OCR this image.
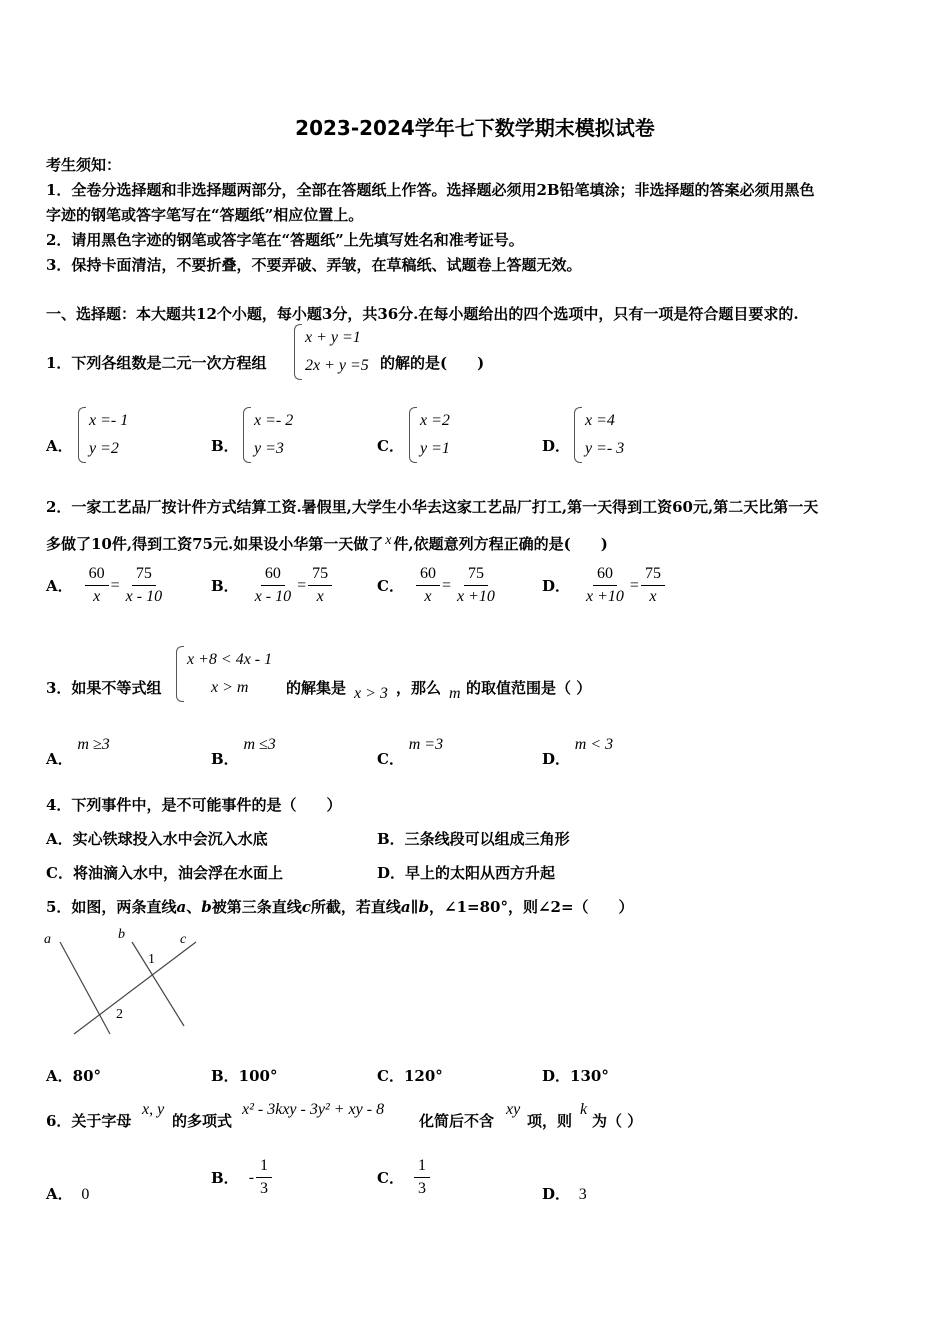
2023-2024学年七下数学期末模拟试卷
考生须知：
1．全卷分选择题和非选择题两部分，全部在答题纸上作答。选择题必须用2B铅笔填涂；非选择题的答案必须用黑色
字迹的钢笔或答字笔写在“答题纸”相应位置上。
2．请用黑色字迹的钢笔或答字笔在“答题纸”上先填写姓名和准考证号。
3．保持卡面清洁，不要折叠，不要弄破、弄皱，在草稿纸、试题卷上答题无效。
一、选择题：本大题共12个小题，每小题3分，共36分.在每小题给出的四个选项中，只有一项是符合题目要求的.
1．下列各组数是二元一次方程组
x + y =1
2x + y =5 的解的是(　　)
A．
x =- 1
y =2	B．
x =- 2
y =3	C．
x =2
y =1	D．
x =4
y =- 3
2．一家工艺品厂按计件方式结算工资.暑假里,大学生小华去这家工艺品厂打工,第一天得到工资60元,第二天比第一天
多做了10件,得到工资75元.如果设小华第一天做了 x 件,依题意列方程正确的是(　　)
A． $\frac{60}{x} = \frac{75}{x - 10}$	B． $\frac{60}{x - 10} = \frac{75}{x}$	C． $\frac{60}{x} = \frac{75}{x +10}$	D． $\frac{60}{x +10} = \frac{75}{x}$
3．如果不等式组
x +8 < 4x - 1
x > m	的解集是 x > 3 ，那么 m 的取值范围是（ ）
A． m ≥3
B． m ≤3
C． m =3
D． m < 3
4．下列事件中，是不可能事件的是（　　）
A．实心铁球投入水中会沉入水底	B．三条线段可以组成三角形
C．将油滴入水中，油会浮在水面上	D．早上的太阳从西方升起
5．如图，两条直线a、b被第三条直线c所截，若直线a∥b，∠1=80°，则∠2=（　　）
a	b	c
1
2
A．80°	B．100°	C．120°	D．130°
6．关于字母
x, y
的多项式
x² - 3kxy - 3y² + xy - 8
化简后不含
xy
项，则
k
为（ ）
A． 0
B． - $\frac{1}{3}$	C． $\frac{1}{3}$	D． 3
